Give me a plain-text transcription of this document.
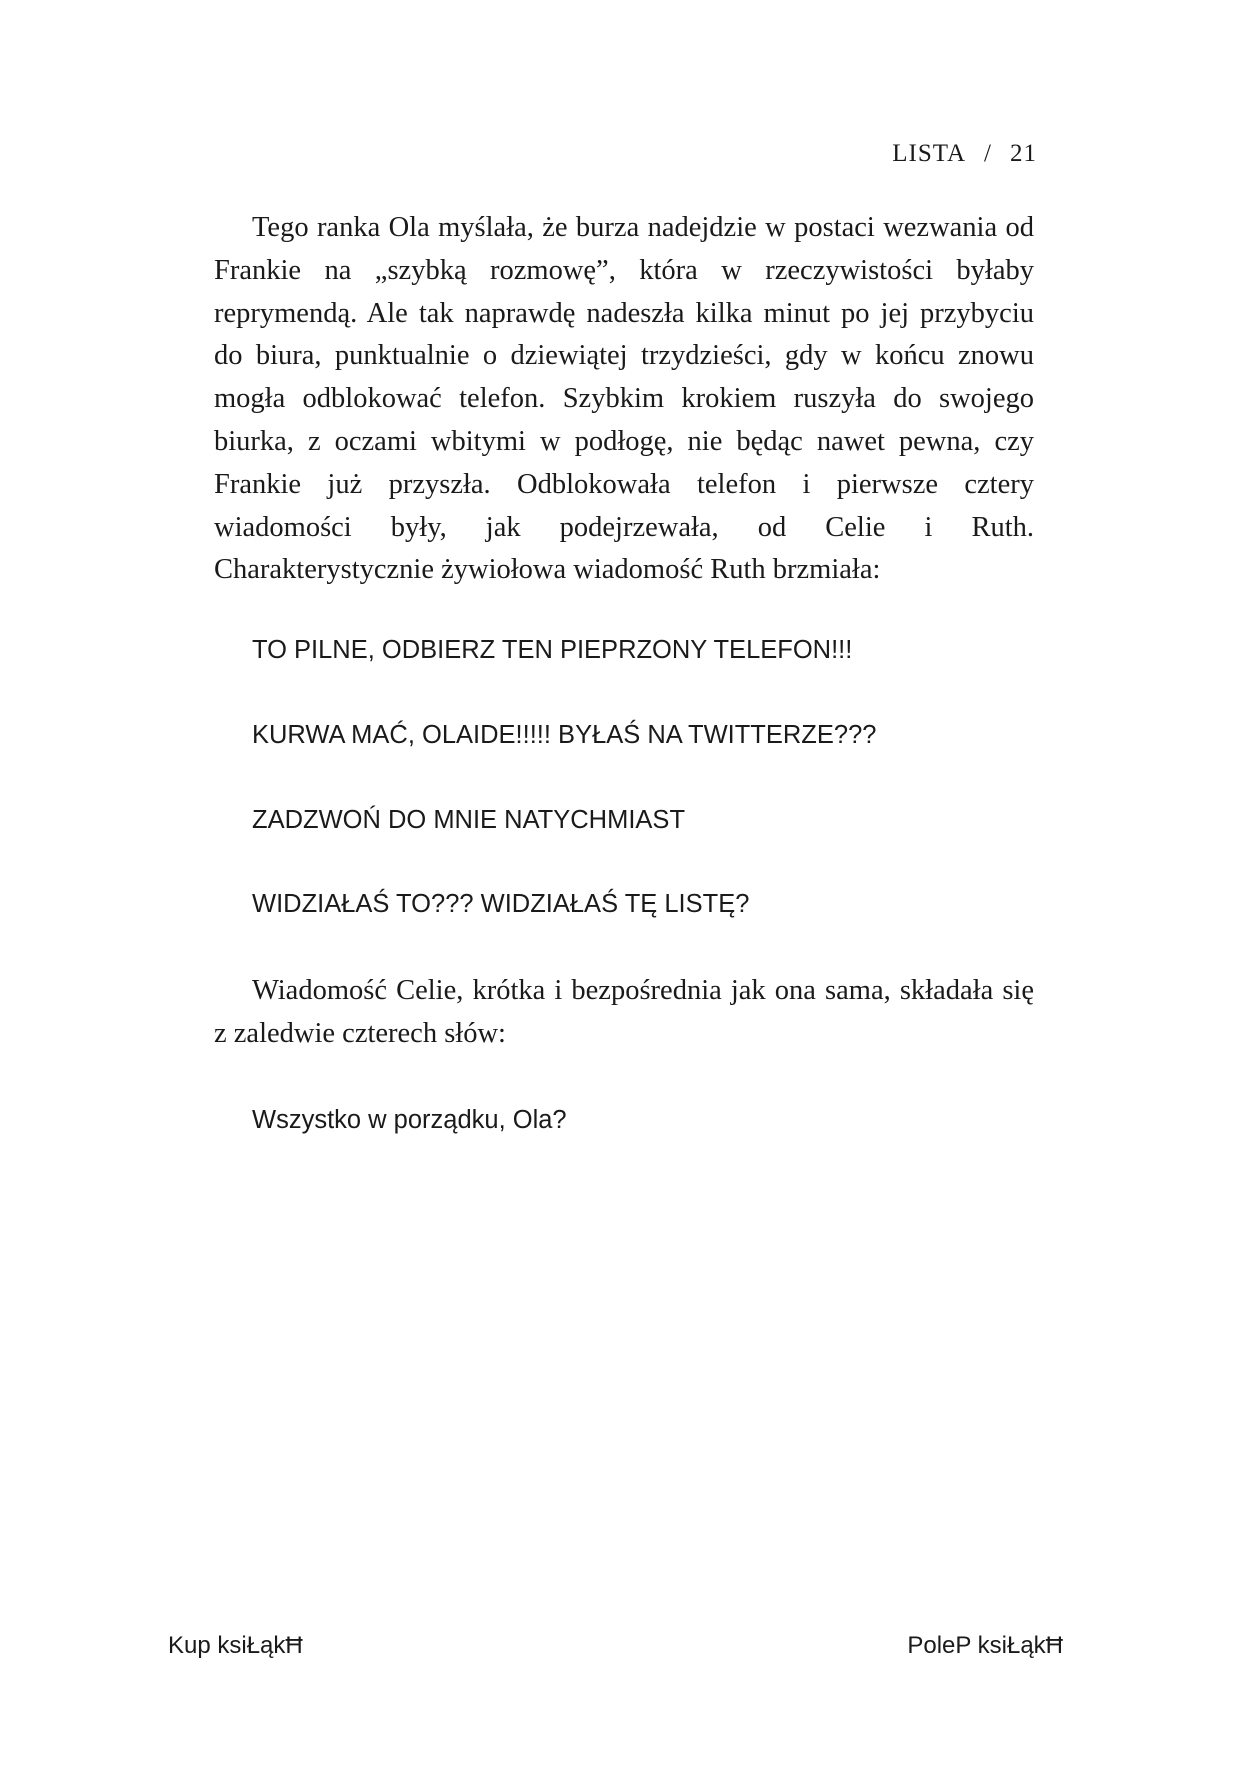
LISTA / 21

Tego ranka Ola myślała, że burza nadejdzie w postaci wezwania od Frankie na „szybką rozmowę”, która w rzeczywistości byłaby reprymendą. Ale tak naprawdę nadeszła kilka minut po jej przybyciu do biura, punktualnie o dziewiątej trzydzieści, gdy w końcu znowu mogła odblokować telefon. Szybkim krokiem ruszyła do swojego biurka, z oczami wbitymi w podłogę, nie będąc nawet pewna, czy Frankie już przyszła. Odblokowała telefon i pierwsze cztery wiadomości były, jak podejrzewała, od Celie i Ruth. Charakterystycznie żywiołowa wiadomość Ruth brzmiała:

TO PILNE, ODBIERZ TEN PIEPRZONY TELEFON!!!

KURWA MAĆ, OLAIDE!!!!! BYŁAŚ NA TWITTERZE???

ZADZWOŃ DO MNIE NATYCHMIAST

WIDZIAŁAŚ TO??? WIDZIAŁAŚ TĘ LISTĘ?

Wiadomość Celie, krótka i bezpośrednia jak ona sama, składała się z zaledwie czterech słów:

Wszystko w porządku, Ola?

Kup ksiŁąkĦ	PoleP ksiŁąkĦ
